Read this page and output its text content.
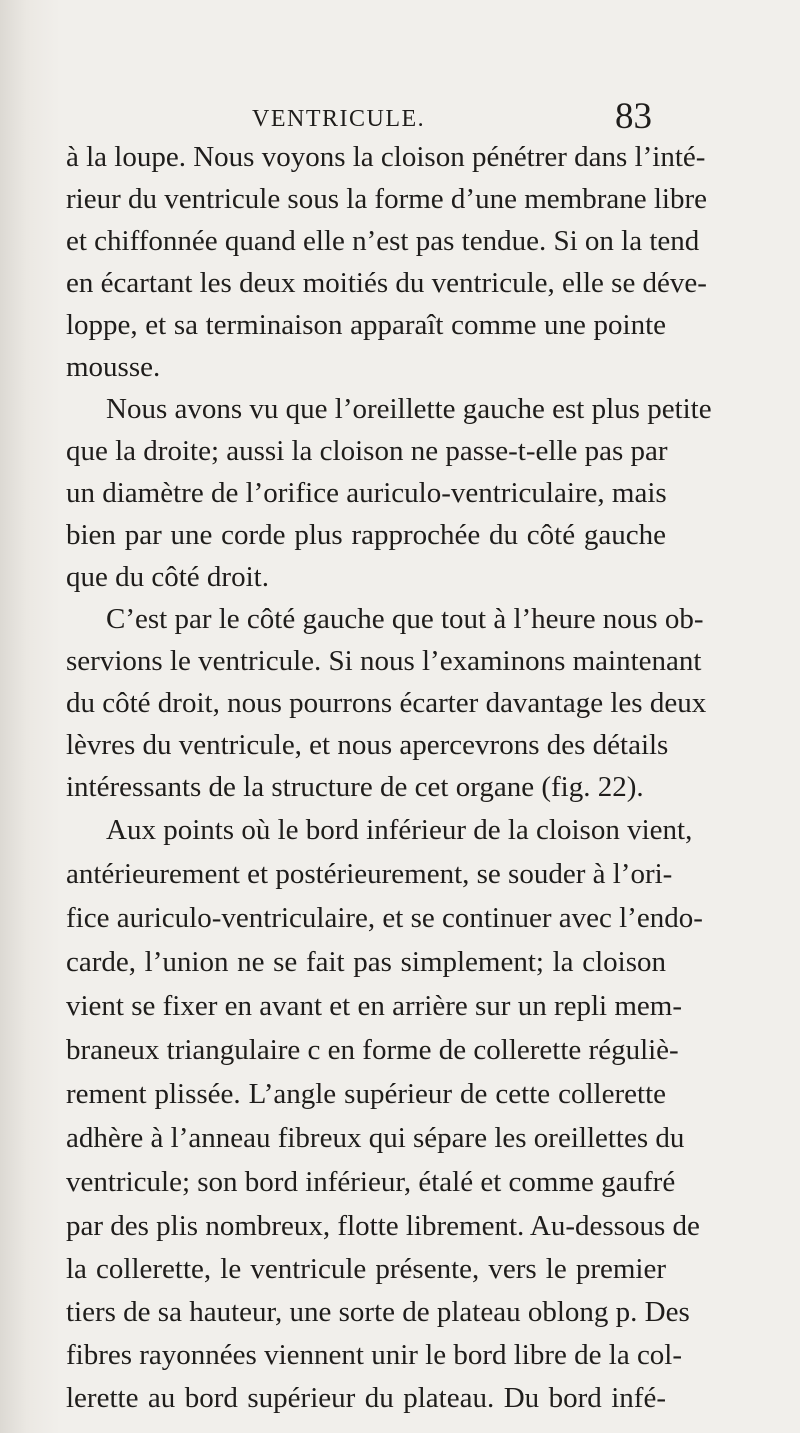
VENTRICULE.	83
à la loupe. Nous voyons la cloison pénétrer dans l’inté-
rieur du ventricule sous la forme d’une membrane libre
et chiffonnée quand elle n’est pas tendue. Si on la tend
en écartant les deux moitiés du ventricule, elle se déve-
loppe, et sa terminaison apparaît comme une pointe
mousse.
Nous avons vu que l’oreillette gauche est plus petite
que la droite; aussi la cloison ne passe-t-elle pas par
un diamètre de l’orifice auriculo-ventriculaire, mais
bien par une corde plus rapprochée du côté gauche
que du côté droit.
C’est par le côté gauche que tout à l’heure nous ob-
servions le ventricule. Si nous l’examinons maintenant
du côté droit, nous pourrons écarter davantage les deux
lèvres du ventricule, et nous apercevrons des détails
intéressants de la structure de cet organe (fig. 22).
Aux points où le bord inférieur de la cloison vient,
antérieurement et postérieurement, se souder à l’ori-
fice auriculo-ventriculaire, et se continuer avec l’endo-
carde, l’union ne se fait pas simplement; la cloison
vient se fixer en avant et en arrière sur un repli mem-
braneux triangulaire c en forme de collerette réguliè-
rement plissée. L’angle supérieur de cette collerette
adhère à l’anneau fibreux qui sépare les oreillettes du
ventricule; son bord inférieur, étalé et comme gaufré
par des plis nombreux, flotte librement. Au-dessous de
la collerette, le ventricule présente, vers le premier
tiers de sa hauteur, une sorte de plateau oblong p. Des
fibres rayonnées viennent unir le bord libre de la col-
lerette au bord supérieur du plateau. Du bord infé-
